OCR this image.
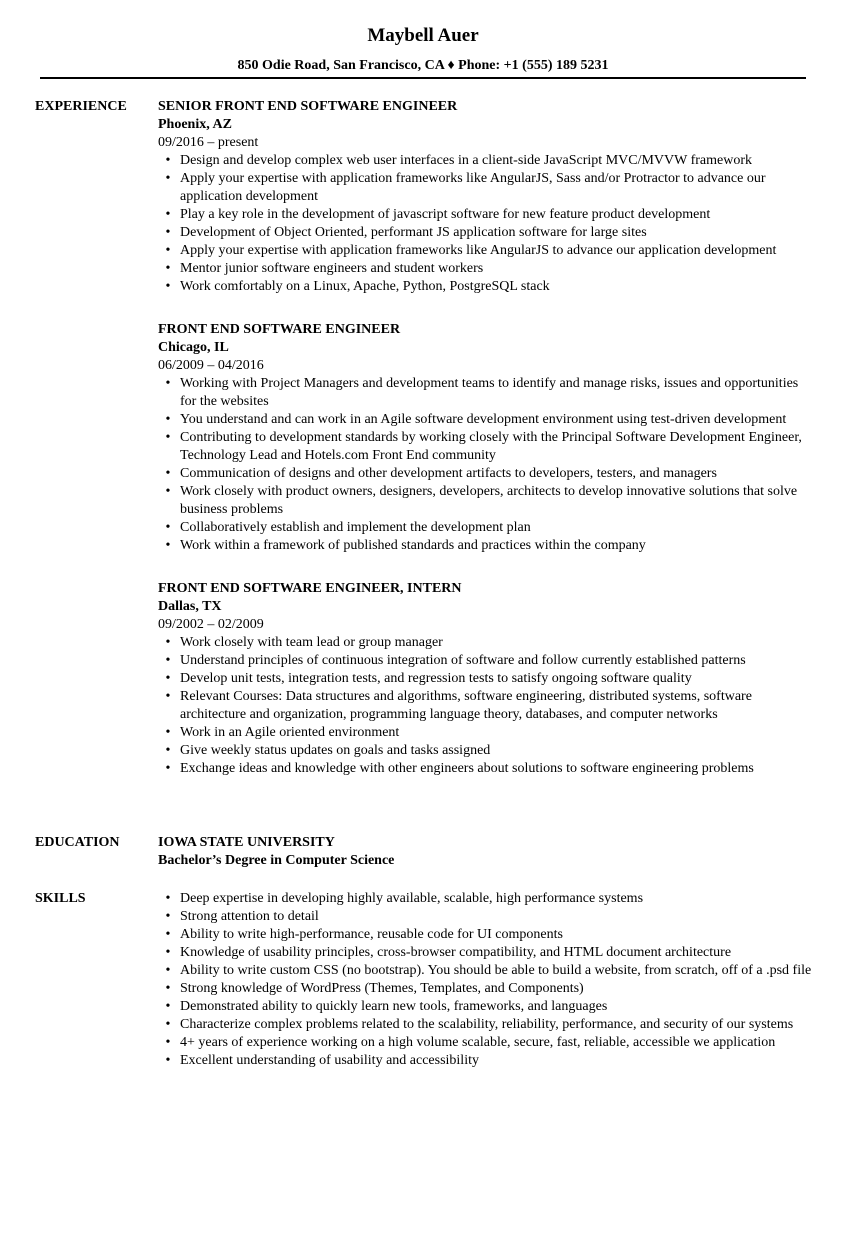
Maybell Auer
850 Odie Road, San Francisco, CA ♦ Phone: +1 (555) 189 5231
EXPERIENCE	SENIOR FRONT END SOFTWARE ENGINEER
Phoenix, AZ
09/2016 – present
• Design and develop complex web user interfaces in a client-side JavaScript MVC/MVVW framework
• Apply your expertise with application frameworks like AngularJS, Sass and/or Protractor to advance our application development
• Play a key role in the development of javascript software for new feature product development
• Development of Object Oriented, performant JS application software for large sites
• Apply your expertise with application frameworks like AngularJS to advance our application development
• Mentor junior software engineers and student workers
• Work comfortably on a Linux, Apache, Python, PostgreSQL stack
FRONT END SOFTWARE ENGINEER
Chicago, IL
06/2009 – 04/2016
• Working with Project Managers and development teams to identify and manage risks, issues and opportunities for the websites
• You understand and can work in an Agile software development environment using test-driven development
• Contributing to development standards by working closely with the Principal Software Development Engineer, Technology Lead and Hotels.com Front End community
• Communication of designs and other development artifacts to developers, testers, and managers
• Work closely with product owners, designers, developers, architects to develop innovative solutions that solve business problems
• Collaboratively establish and implement the development plan
• Work within a framework of published standards and practices within the company
FRONT END SOFTWARE ENGINEER, INTERN
Dallas, TX
09/2002 – 02/2009
• Work closely with team lead or group manager
• Understand principles of continuous integration of software and follow currently established patterns
• Develop unit tests, integration tests, and regression tests to satisfy ongoing software quality
• Relevant Courses: Data structures and algorithms, software engineering, distributed systems, software architecture and organization, programming language theory, databases, and computer networks
• Work in an Agile oriented environment
• Give weekly status updates on goals and tasks assigned
• Exchange ideas and knowledge with other engineers about solutions to software engineering problems
EDUCATION	IOWA STATE UNIVERSITY
Bachelor’s Degree in Computer Science
SKILLS	• Deep expertise in developing highly available, scalable, high performance systems
• Strong attention to detail
• Ability to write high-performance, reusable code for UI components
• Knowledge of usability principles, cross-browser compatibility, and HTML document architecture
• Ability to write custom CSS (no bootstrap). You should be able to build a website, from scratch, off of a .psd file
• Strong knowledge of WordPress (Themes, Templates, and Components)
• Demonstrated ability to quickly learn new tools, frameworks, and languages
• Characterize complex problems related to the scalability, reliability, performance, and security of our systems
• 4+ years of experience working on a high volume scalable, secure, fast, reliable, accessible we application
• Excellent understanding of usability and accessibility
